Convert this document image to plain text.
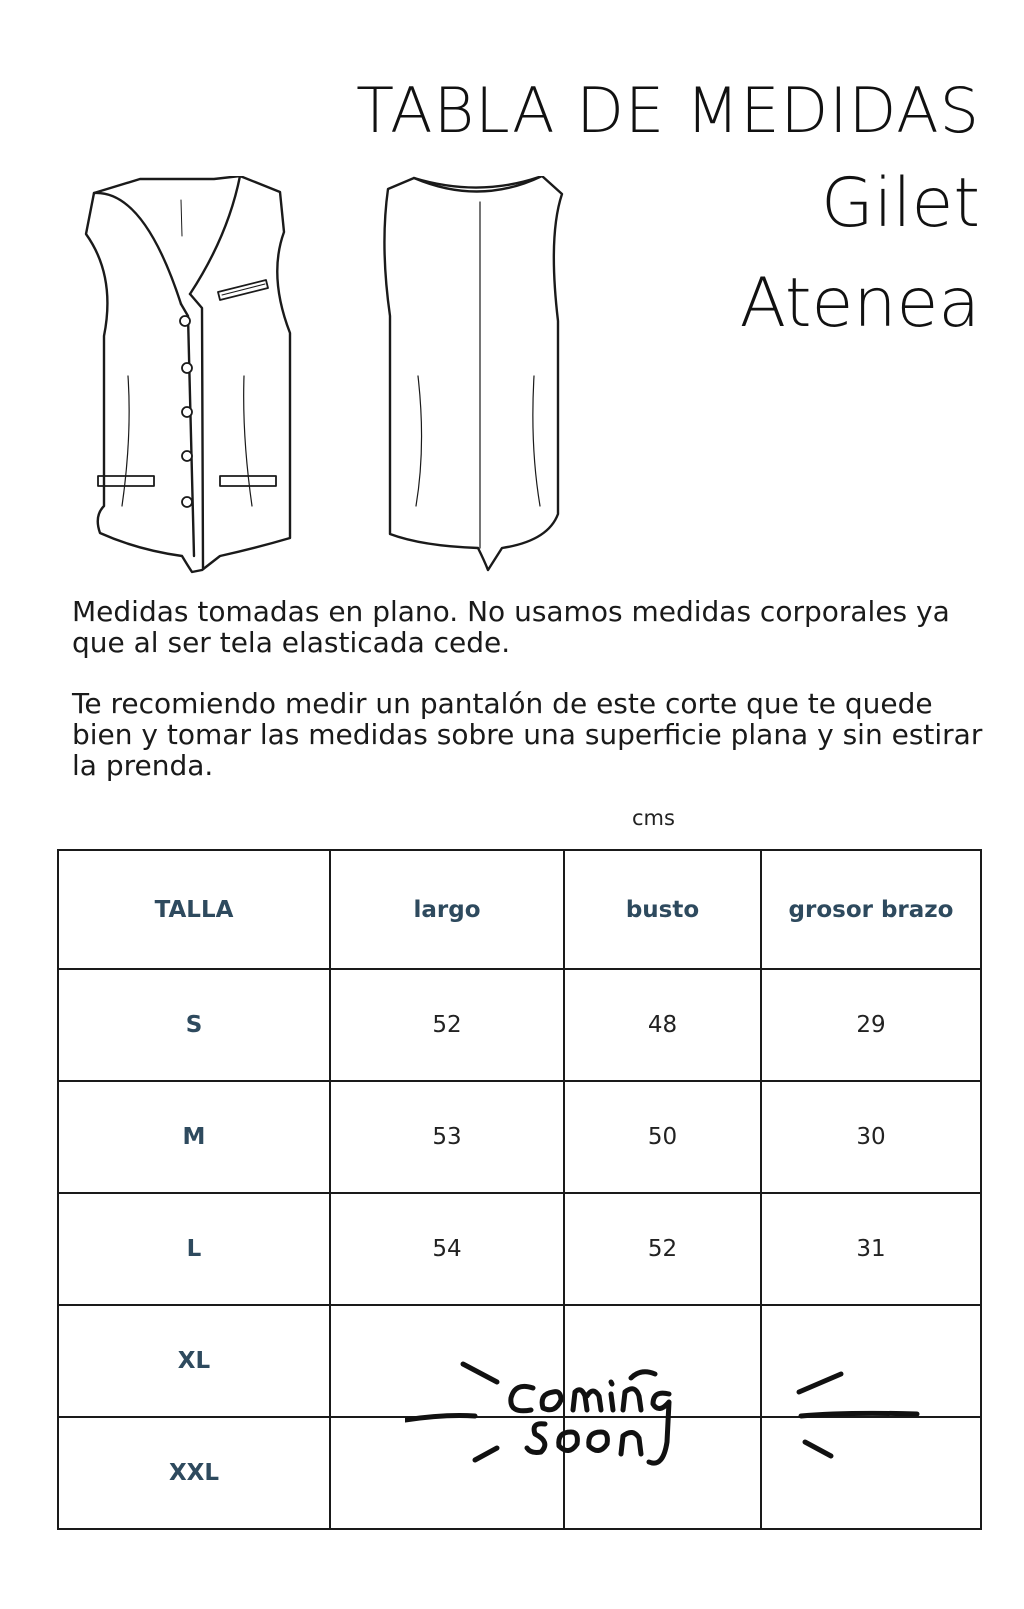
TABLA DE MEDIDAS
Gilet
Atenea

Medidas tomadas en plano. No usamos medidas corporales ya que al ser tela elasticada cede.

Te recomiendo medir un pantalón de este corte que te quede bien y tomar las medidas sobre una superficie plana y sin estirar la prenda.

cms
TALLA	largo	busto	grosor brazo
S	52	48	29
M	53	50	30
L	54	52	31
XL			
XXL			
